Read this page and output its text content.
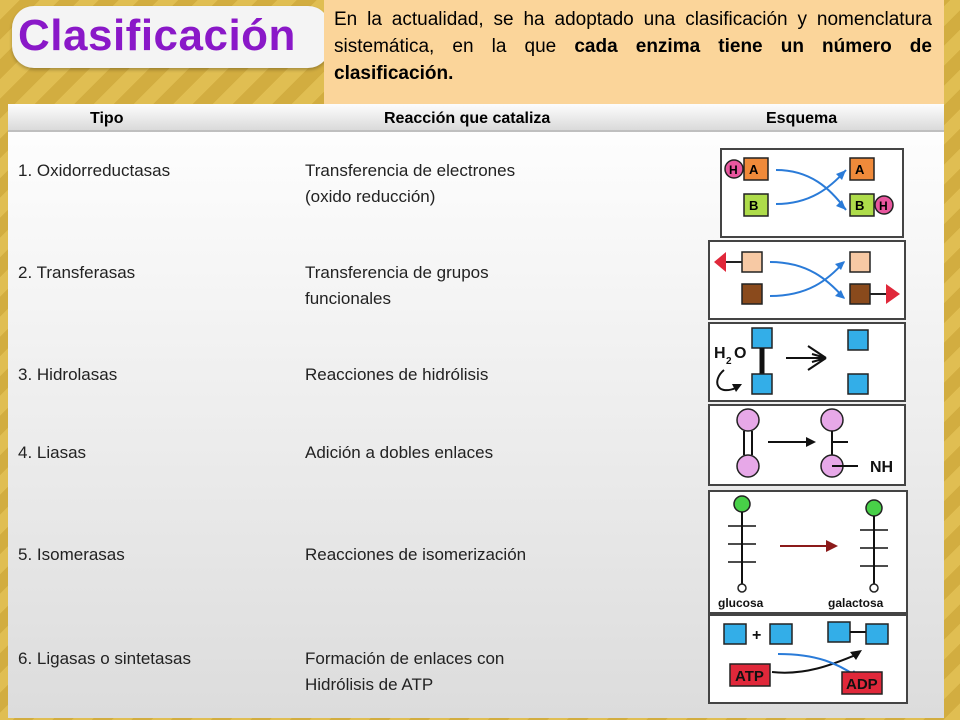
Clasificación	En la actualidad, se ha adoptado una clasificación y nomenclatura sistemática, en la que cada enzima tiene un número de clasificación.
Tipo	Reacción que cataliza	Esquema
1. Oxidorreductasas	Transferencia de electrones
(oxido reducción)
2. Transferasas	Transferencia de grupos
funcionales
3. Hidrolasas	Reacciones de hidrólisis
4. Liasas	Adición a dobles enlaces
5. Isomerasas	Reacciones de isomerización
6. Ligasas o sintetasas	Formación de enlaces con
Hidrólisis de ATP
H A
B
A
B H
H 2 O
NH
glucosa	galactosa
+
ATP	ADP
